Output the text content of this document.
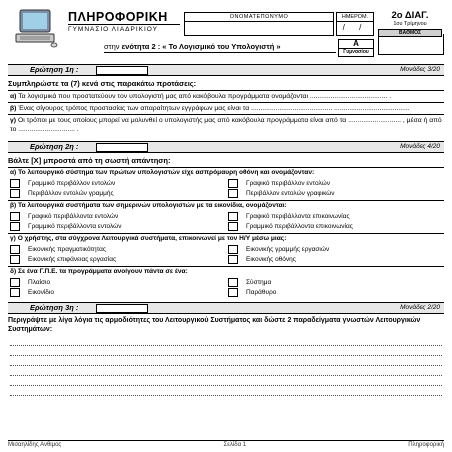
ΠΛΗΡΟΦΟΡΙΚΗ
ΓΥΜΝΑΣΙΟ ΛΙΑΔΡΙΚΙΟΥ
ΟΝΟΜΑΤΕΠΩΝΥΜΟ	ΗΜΕΡΟΜ.
/ /
2ο ΔΙΑΓ.
1ου Τρίμηνου
ΒΑΘΜΟΣ
στην ενότητα 2 : « Το Λογισμικό του Υπολογιστή »	Α
Γυμνασίου
Ερώτηση 1η :	Μονάδες 3/20
Συμπληρώστε τα (7) κενά στις παρακάτω προτάσεις:
α) Τα λογισμικά που προστατεύουν τον υπολογιστή μας από κακόβουλα προγράμματα ονομάζονται ......................................... .
β) Ένας σίγουρος τρόπος προστασίας των απαραίτητων εγγράφων μας είναι τα ........................................... ........................................
γ) Οι τρόποι με τους οποίους μπορεί να μολυνθεί ο υπολογιστής μας από κακόβουλα προγράμματα είναι από τα ............................ , μέσα ή από το .............................. .
Ερώτηση 2η :	Μονάδες 4/20
Βάλτε [Χ] μπροστά από τη σωστή απάντηση:
α) Το λειτουργικό σύστημα των πρώτων υπολογιστών είχε ασπρόμαυρη οθόνη και ονομάζονταν:
Γραμμικό περιβάλλον εντολών	Γραφικό περιβάλλον εντολών
Περιβάλλον εντολών γραμμής	Περιβάλλον εντολών γραφικών
β) Τα λειτουργικά συστήματα των σημερινών υπολογιστών με τα εικονίδια, ονομάζονται:
Γραφικό περιβάλλοντα εντολών	Γραφικό περιβάλλοντα επικοινωνίας
Γραμμικό περιβάλλοντα εντολών	Γραμμικό περιβάλλοντα επικοινωνίας
γ) Ο χρήστης, στα σύγχρονα Λειτουργικά συστήματα, επικοινωνεί με τον Η/Υ μέσω μιας:
Εικονικής πραγματικότητας	Εικονικής γραμμής εργασιών
Εικονικής επιφάνειας εργασίας	Εικονικής οθόνης
δ) Σε ένα Γ.Π.Ε. τα προγράμματα ανοίγουν πάντα σε ένα:
Πλαίσιο	Σύστημα
Εικονίδιο	Παράθυρο
Ερώτηση 3η :	Μονάδες 2/20
Περιγράψτε με λίγα λόγια τις αρμοδιότητες του Λειτουργικού Συστήματος και δώστε 2 παραδείγματα γνωστών Λειτουργικών Συστημάτων:
Μισαηλίδης Ανθιμος	Σελίδα 1	Πληροφορική
